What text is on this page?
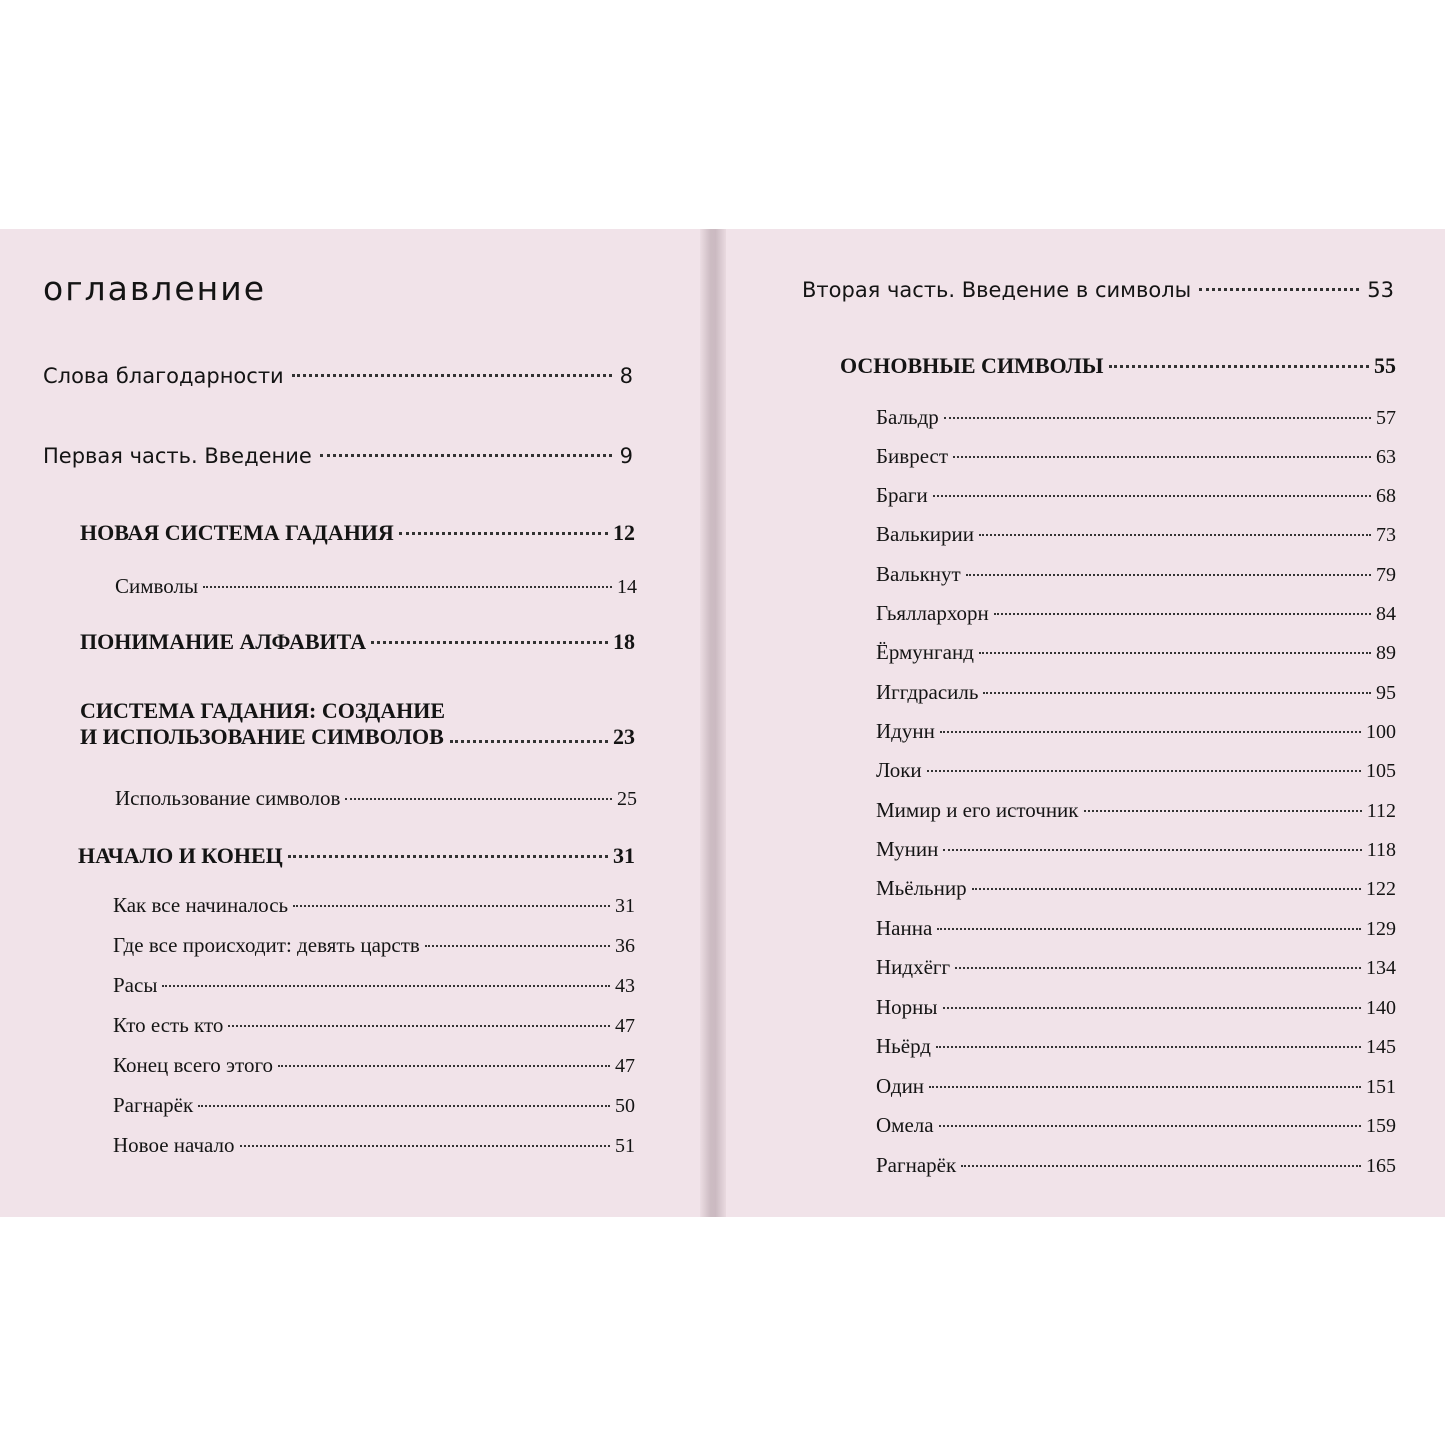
оглавление
Слова благодарности	8
Первая часть. Введение	9
НОВАЯ СИСТЕМА ГАДАНИЯ	12
Символы	14
ПОНИМАНИЕ АЛФАВИТА	18
СИСТЕМА ГАДАНИЯ: СОЗДАНИЕ
И ИСПОЛЬЗОВАНИЕ СИМВОЛОВ	23
Использование символов	25
НАЧАЛО И КОНЕЦ	31
Как все начиналось	31
Где все происходит: девять царств	36
Расы	43
Кто есть кто	47
Конец всего этого	47
Рагнарёк	50
Новое начало	51
Вторая часть. Введение в символы	53
ОСНОВНЫЕ СИМВОЛЫ	55
Бальдр	57
Биврест	63
Браги	68
Валькирии	73
Валькнут	79
Гьяллархорн	84
Ёрмунганд	89
Иггдрасиль	95
Идунн	100
Локи	105
Мимир и его источник	112
Мунин	118
Мьёльнир	122
Нанна	129
Нидхёгг	134
Норны	140
Ньёрд	145
Один	151
Омела	159
Рагнарёк	165
